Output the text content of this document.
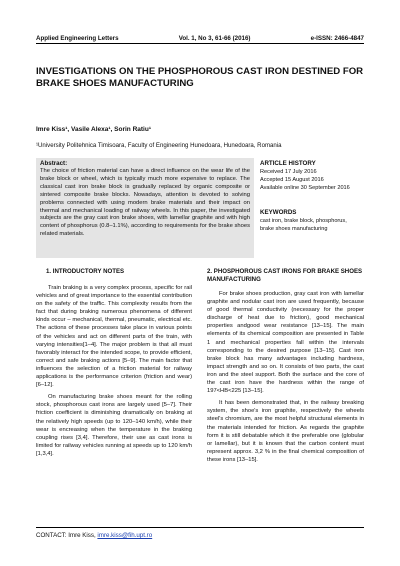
Applied Engineering Letters	Vol. 1, No 3, 61-66 (2016)	e-ISSN: 2466-4847
INVESTIGATIONS ON THE PHOSPHOROUS CAST IRON DESTINED FOR BRAKE SHOES MANUFACTURING
Imre Kiss¹, Vasile Alexa¹, Sorin Ratiu¹
¹University Politehnica Timisoara, Faculty of Engineering Hunedoara, Hunedoara, Romania
Abstract:
The choice of friction material can have a direct influence on the wear life of the brake block or wheel, which is typically much more expensive to replace. The classical cast iron brake block is gradually replaced by organic composite or sintered composite brake blocks. Nowadays, attention is devoted to solving problems connected with using modern brake materials and their impact on thermal and mechanical loading of railway wheels. In this paper, the investigated subjects are the gray cast iron brake shoes, with lamellar graphite and with high content of phosphorus (0.8–1.1%), according to requirements for the brake shoes related materials.
ARTICLE HISTORY
Received 17 July 2016
Accepted 15 August 2016
Available online 30 September 2016
KEYWORDS
cast iron, brake block, phosphorus, brake shoes manufacturing
1. INTRODUCTORY NOTES

Train braking is a very complex process, specific for rail vehicles and of great importance to the essential contribution on the safety of the traffic. This complexity results from the fact that during braking numerous phenomena of different kinds occur – mechanical, thermal, pneumatic, electrical etc. The actions of these processes take place in various points of the vehicles and act on different parts of the train, with varying intensities[1–4]. The major problem is that all must favorably interact for the intended scope, to provide efficient, correct and safe braking actions [5–9]. The main factor that influences the selection of a friction material for railway applications is the performance criterion (friction and wear) [6–12].

On manufacturing brake shoes meant for the rolling stock, phosphorous cast irons are largely used [5–7]. Their friction coefficient is diminishing dramatically on braking at the relatively high speeds (up to 120–140 km/h), while their wear is encreasing when the temperature in the braking coupling rises [3,4]. Therefore, their use as cast irons is limited for railway vehicles running at speeds up to 120 km/h [1,3,4].

2. PHOSPHOROUS CAST IRONS FOR BRAKE SHOES MANUFACTURING

For brake shoes production, gray cast iron with lamellar graphite and nodular cast iron are used frequently, because of good thermal conductivity (necessary for the proper discharge of heat due to friction), good mechanical properties andgood wear resistance [13–15]. The main elements of its chemical composition are presented in Table 1 and mechanical properties fall within the intervals corresponding to the desired purpose [13–15]. Cast iron brake block has many advantages including hardness, impact strength and so on. It consists of two parts, the cast iron and the steel support. Both the surface and the core of the cast iron have the hardness within the range of 197<HB<225 [13–15].

It has been demonstrated that, in the railway breaking system, the shoe's iron graphite, respectively the wheels steel's chromium, are the most helpful structural elements in the materials intended for friction. As regards the graphite form it is still debatable which it the preferable one (globular or lamellar), but it is known that the carbon content must represent approx. 3,2 % in the final chemical composition of these irons [13–15].

CONTACT: Imre Kiss, imre.kiss@fih.upt.ro
